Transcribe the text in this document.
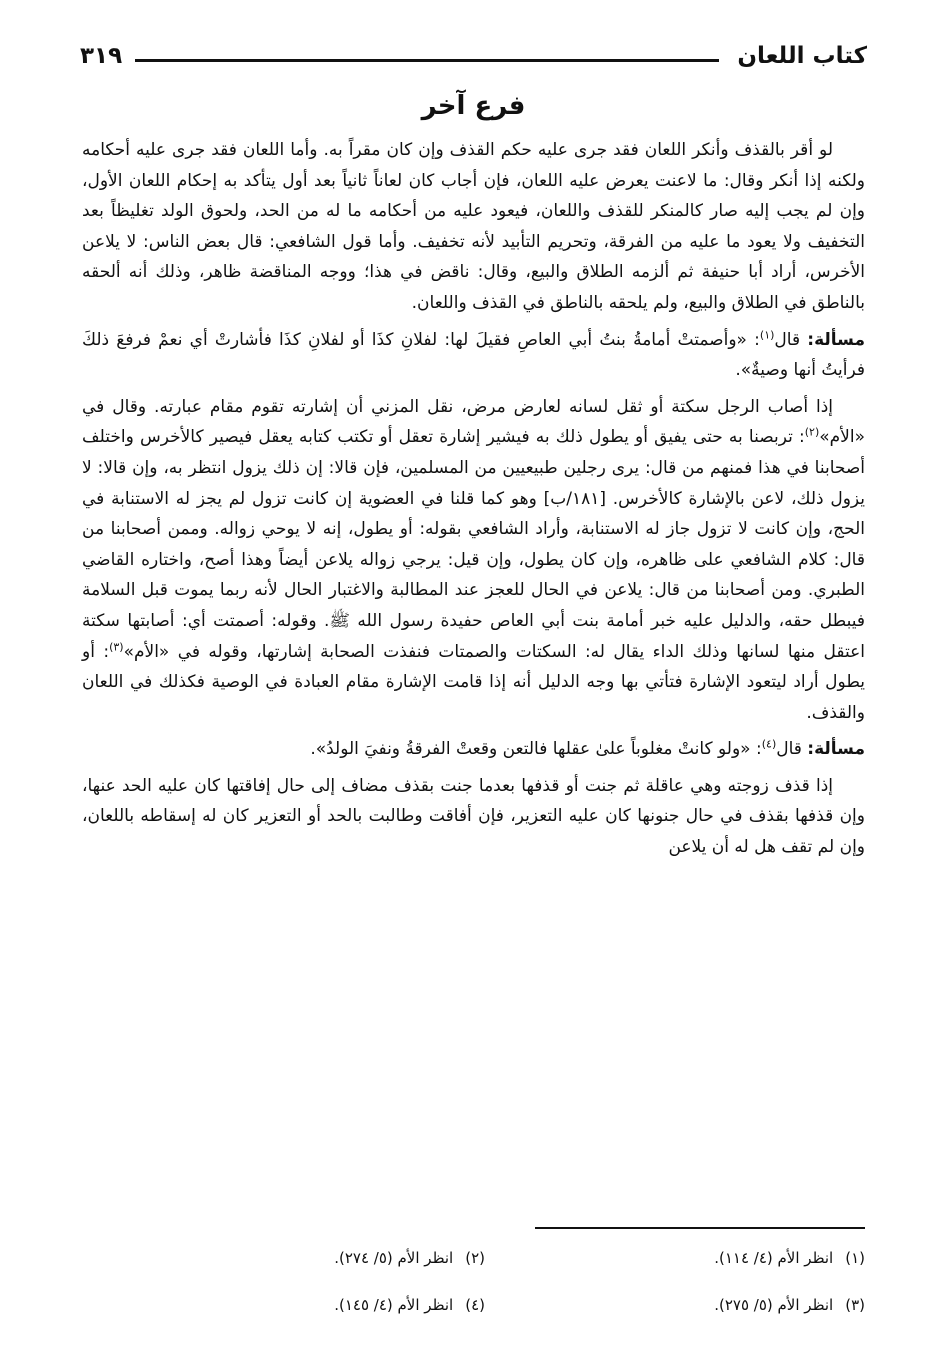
كتاب اللعان
٣١٩
فرع آخر

لو أقر بالقذف وأنكر اللعان فقد جرى عليه حكم القذف وإن كان مقراً به. وأما اللعان فقد جرى عليه أحكامه ولكنه إذا أنكر وقال: ما لاعنت يعرض عليه اللعان، فإن أجاب كان لعاناً ثانياً بعد أول يتأكد به إحكام اللعان الأول، وإن لم يجب إليه صار كالمنكر للقذف واللعان، فيعود عليه من أحكامه ما له من الحد، ولحوق الولد تغليظاً بعد التخفيف ولا يعود ما عليه من الفرقة، وتحريم التأبيد لأنه تخفيف. وأما قول الشافعي: قال بعض الناس: لا يلاعن الأخرس، أراد أبا حنيفة ثم ألزمه الطلاق والبيع، وقال: ناقض في هذا؛ ووجه المناقضة ظاهر، وذلك أنه ألحقه بالناطق في الطلاق والبيع، ولم يلحقه بالناطق في القذف واللعان.

مسألة: قال$^{(١)}$: «وأصمتتْ أمامةُ بنتُ أبي العاصِ فقيلَ لها: لفلانِ كذَا أو لفلانِ كذَا فأشارتْ أي نعمْ فرفعَ ذلكَ فرأيتُ أنها وصيةٌ».

إذا أصاب الرجل سكتة أو ثقل لسانه لعارض مرض، نقل المزني أن إشارته تقوم مقام عبارته. وقال في «الأم»$^{(٢)}$: تربصنا به حتى يفيق أو يطول ذلك به فيشير إشارة تعقل أو تكتب كتابه يعقل فيصير كالأخرس واختلف أصحابنا في هذا فمنهم من قال: يرى رجلين طبيعيين من المسلمين، فإن قالا: إن ذلك يزول انتظر به، وإن قالا: لا يزول ذلك، لاعن بالإشارة كالأخرس. [١٨١/ب] وهو كما قلنا في العضوية إن كانت تزول لم يجز له الاستنابة في الحج، وإن كانت لا تزول جاز له الاستنابة، وأراد الشافعي بقوله: أو يطول، إنه لا يوحي زواله. وممن أصحابنا من قال: كلام الشافعي على ظاهره، وإن كان يطول، وإن قيل: يرجي زواله يلاعن أيضاً وهذا أصح، واختاره القاضي الطبري. ومن أصحابنا من قال: يلاعن في الحال للعجز عند المطالبة والاغتبار الحال لأنه ربما يموت قبل السلامة فيبطل حقه، والدليل عليه خبر أمامة بنت أبي العاص حفيدة رسول الله ﷺ. وقوله: أصمتت أي: أصابتها سكتة اعتقل منها لسانها وذلك الداء يقال له: السكتات والصمتات فنفذت الصحابة إشارتها، وقوله في «الأم»$^{(٣)}$: أو يطول أراد ليتعود الإشارة فتأتي بها وجه الدليل أنه إذا قامت الإشارة مقام العبادة في الوصية فكذلك في اللعان والقذف.

مسألة: قال$^{(٤)}$: «ولو كانتْ مغلوباً علىٰ عقلها فالتعن وقعتْ الفرقةُ ونفيَ الولدُ».

إذا قذف زوجته وهي عاقلة ثم جنت أو قذفها بعدما جنت بقذف مضاف إلى حال إفاقتها كان عليه الحد عنها، وإن قذفها بقذف في حال جنونها كان عليه التعزير، فإن أفاقت وطالبت بالحد أو التعزير كان له إسقاطه باللعان، وإن لم تقف هل له أن يلاعن

(١)انظر الأم (٤/ ١١٤).
(٢)انظر الأم (٥/ ٢٧٤).
(٣)انظر الأم (٥/ ٢٧٥).
(٤)انظر الأم (٤/ ١٤٥).
